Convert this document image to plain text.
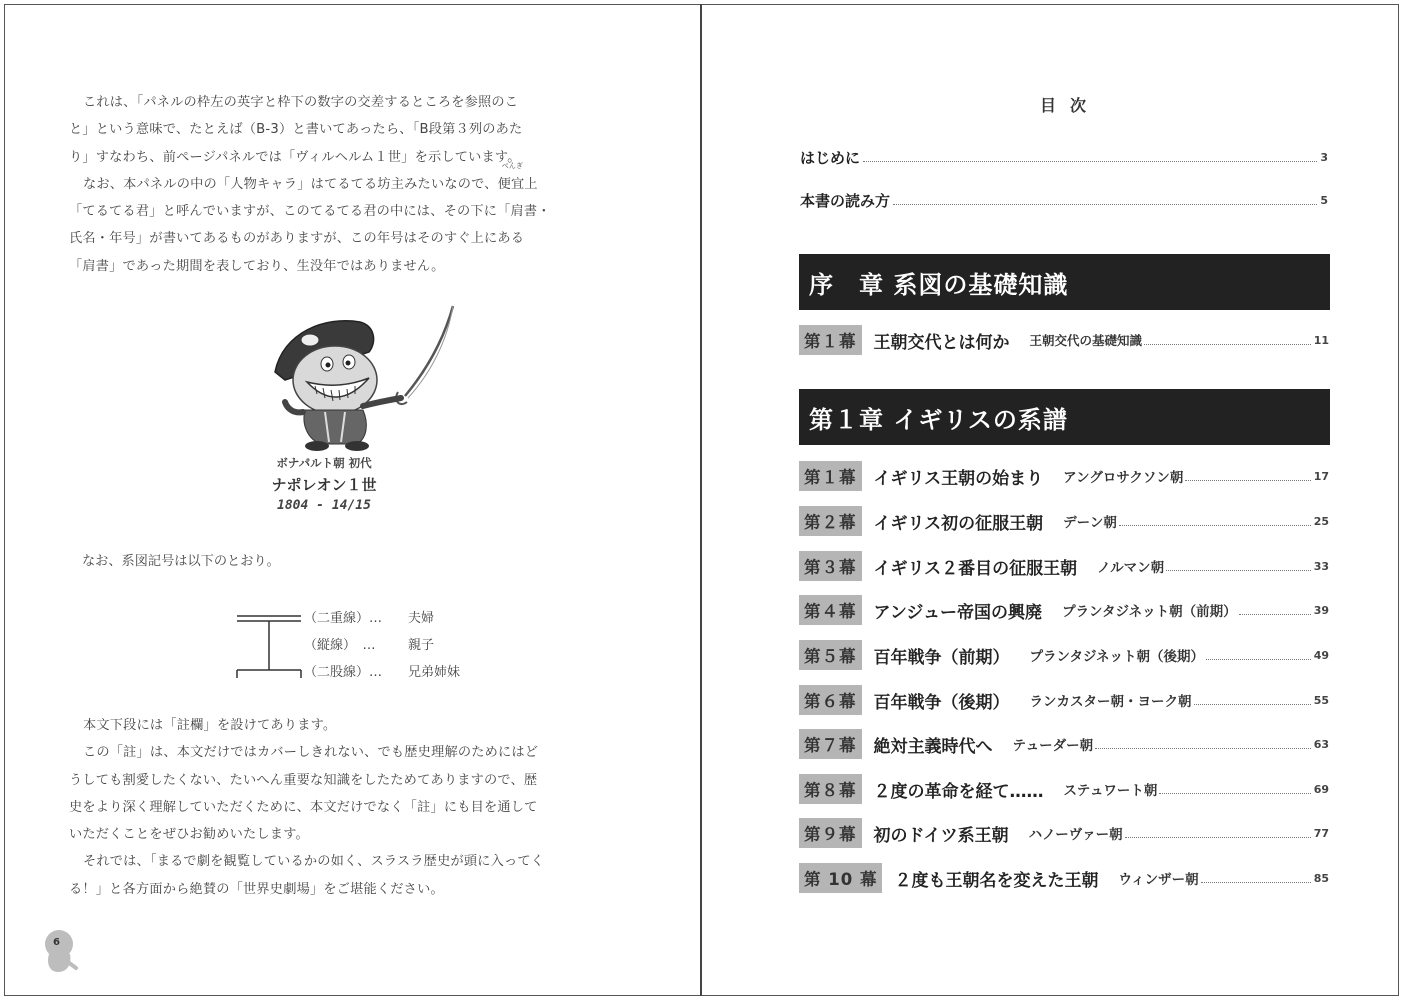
これは、「パネルの枠左の英字と枠下の数字の交差するところを参照のこ

と」という意味で、たとえば（B-3）と書いてあったら、「B段第３列のあた

り」すなわち、前ページパネルでは「ヴィルヘルム１世」を示しています。

なお、本パネルの中の「人物キャラ」はてるてる坊主みたいなので、
べんぎ
便宜上

「てるてる君」と呼んでいますが、このてるてる君の中には、その下に「肩書・

氏名・年号」が書いてあるものがありますが、この年号はそのすぐ上にある

「肩書」であった期間を表しており、生没年ではありません。

ボナパルト朝 初代
ナポレオン１世
1804 - 14/15
なお、系図記号は以下のとおり。
（二重線）… 夫婦
（縦線）　… 親子
（二股線）… 兄弟姉妹

本文下段には「註欄」を設けてあります。

この「註」は、本文だけではカバーしきれない、でも歴史理解のためにはど

うしても割愛したくない、たいへん重要な知識をしたためてありますので、歴

史をより深く理解していただくために、本文だけでなく「註」にも目を通して

いただくことをぜひお勧めいたします。

それでは、「まるで劇を観覧しているかの如く、スラスラ歴史が頭に入ってく

る！」と各方面から絶賛の「世界史劇場」をご堪能ください。

6
目次
はじめに	3
本書の読み方	5
序　章 系図の基礎知識
第１幕 王朝交代とは何か 王朝交代の基礎知識	11
第１章 イギリスの系譜
第１幕 イギリス王朝の始まり アングロサクソン朝	17
第２幕 イギリス初の征服王朝 デーン朝	25
第３幕 イギリス２番目の征服王朝 ノルマン朝	33
第４幕 アンジュー帝国の興廃 プランタジネット朝（前期）	39
第５幕 百年戦争（前期） プランタジネット朝（後期）	49
第６幕 百年戦争（後期） ランカスター朝・ヨーク朝	55
第７幕 絶対主義時代へ テューダー朝	63
第８幕 ２度の革命を経て…… ステュワート朝	69
第９幕 初のドイツ系王朝 ハノーヴァー朝	77
第 10 幕 ２度も王朝名を変えた王朝 ウィンザー朝	85
